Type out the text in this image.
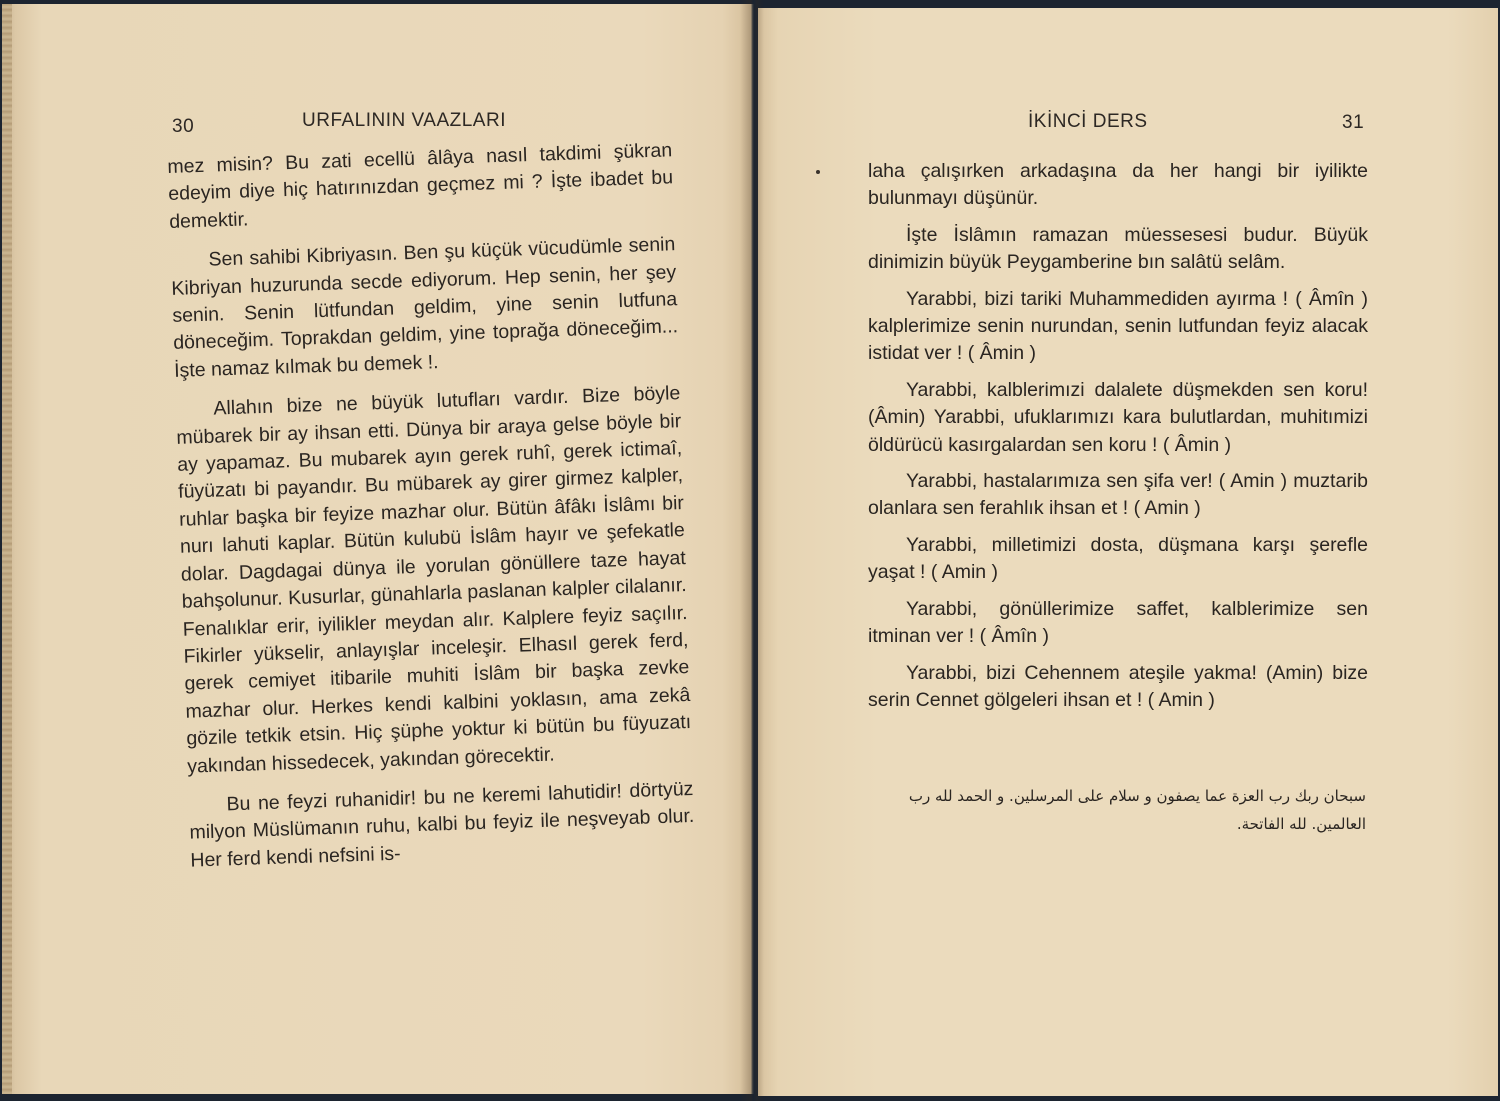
30	URFALININ VAAZLARI

mez misin? Bu zati ecellü âlâya nasıl takdimi şükran edeyim diye hiç hatırınızdan geçmez mi ? İşte ibadet bu demektir.

Sen sahibi Kibriyasın. Ben şu küçük vücudümle senin Kibriyan huzurunda secde ediyorum. Hep senin, her şey senin. Senin lütfundan geldim, yine senin lutfuna döneceğim. Toprakdan geldim, yine toprağa döneceğim... İşte namaz kılmak bu demek !.

Allahın bize ne büyük lutufları vardır. Bize böyle mübarek bir ay ihsan etti. Dünya bir araya gelse böyle bir ay yapamaz. Bu mubarek ayın gerek ruhî, gerek ictimaî, füyüzatı bi payandır. Bu mübarek ay girer girmez kalpler, ruhlar başka bir feyize mazhar olur. Bütün âfâkı İslâmı bir nurı lahuti kaplar. Bütün kulubü İslâm hayır ve şefekatle dolar. Dagdagai dünya ile yorulan gönüllere taze hayat bahşolunur. Kusurlar, günahlarla paslanan kalpler cilalanır. Fenalıklar erir, iyilikler meydan alır. Kalplere feyiz saçılır. Fikirler yükselir, anlayışlar inceleşir. Elhasıl gerek ferd, gerek cemiyet itibarile muhiti İslâm bir başka zevke mazhar olur. Herkes kendi kalbini yoklasın, ama zekâ gözile tetkik etsin. Hiç şüphe yoktur ki bütün bu füyuzatı yakından hissedecek, yakından görecektir.

Bu ne feyzi ruhanidir! bu ne keremi lahutidir! dörtyüz milyon Müslümanın ruhu, kalbi bu feyiz ile neşveyab olur. Her ferd kendi nefsini is-

İKİNCİ DERS	31

laha çalışırken arkadaşına da her hangi bir iyilikte bulunmayı düşünür.

İşte İslâmın ramazan müessesesi budur. Büyük dinimizin büyük Peygamberine bın salâtü selâm.

Yarabbi, bizi tariki Muhammediden ayırma ! ( Âmîn ) kalplerimize senin nurundan, senin lutfundan feyiz alacak istidat ver ! ( Âmin )

Yarabbi, kalblerimızi dalalete düşmekden sen koru! (Âmin) Yarabbi, ufuklarımızı kara bulutlardan, muhitımizi öldürücü kasırgalardan sen koru ! ( Âmin )

Yarabbi, hastalarımıza sen şifa ver! ( Amin ) muztarib olanlara sen ferahlık ihsan et ! ( Amin )

Yarabbi, milletimizi dosta, düşmana karşı şerefle yaşat ! ( Amin )

Yarabbi, gönüllerimize saffet, kalblerimize sen itminan ver ! ( Âmîn )

Yarabbi, bizi Cehennem ateşile yakma! (Amin) bize serin Cennet gölgeleri ihsan et ! ( Amin )

سبحان ربك رب العزة عما يصفون و سلام على المرسلين. و الحمد لله رب العالمين. لله الفاتحة.
